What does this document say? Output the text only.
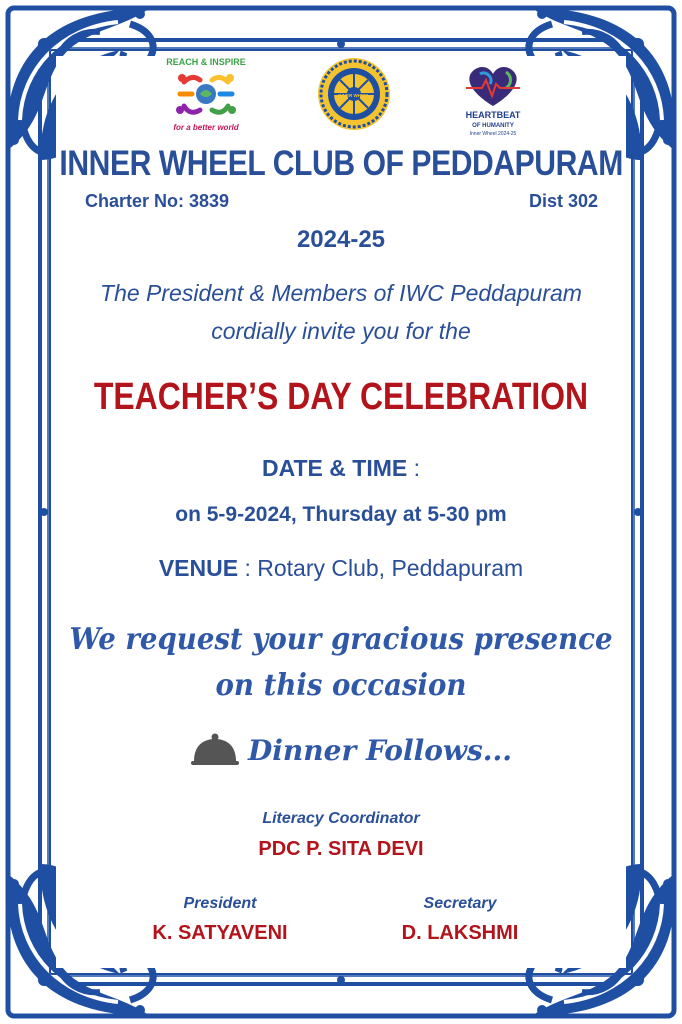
REACH & INSPIRE
for a better world
INNER WHEEL
HEARTBEAT
OF HUMANITY
Inner Wheel 2024-25
INNER WHEEL CLUB OF PEDDAPURAM
Charter No: 3839	Dist 302
2024-25
The President & Members of IWC Peddapuram
cordially invite you for the
TEACHER’S DAY CELEBRATION
DATE & TIME :
on 5-9-2024, Thursday at 5-30 pm
VENUE : Rotary Club, Peddapuram
We request your gracious presence
on this occasion
Dinner Follows...
Literacy Coordinator
PDC P. SITA DEVI
President
K. SATYAVENI
Secretary
D. LAKSHMI
